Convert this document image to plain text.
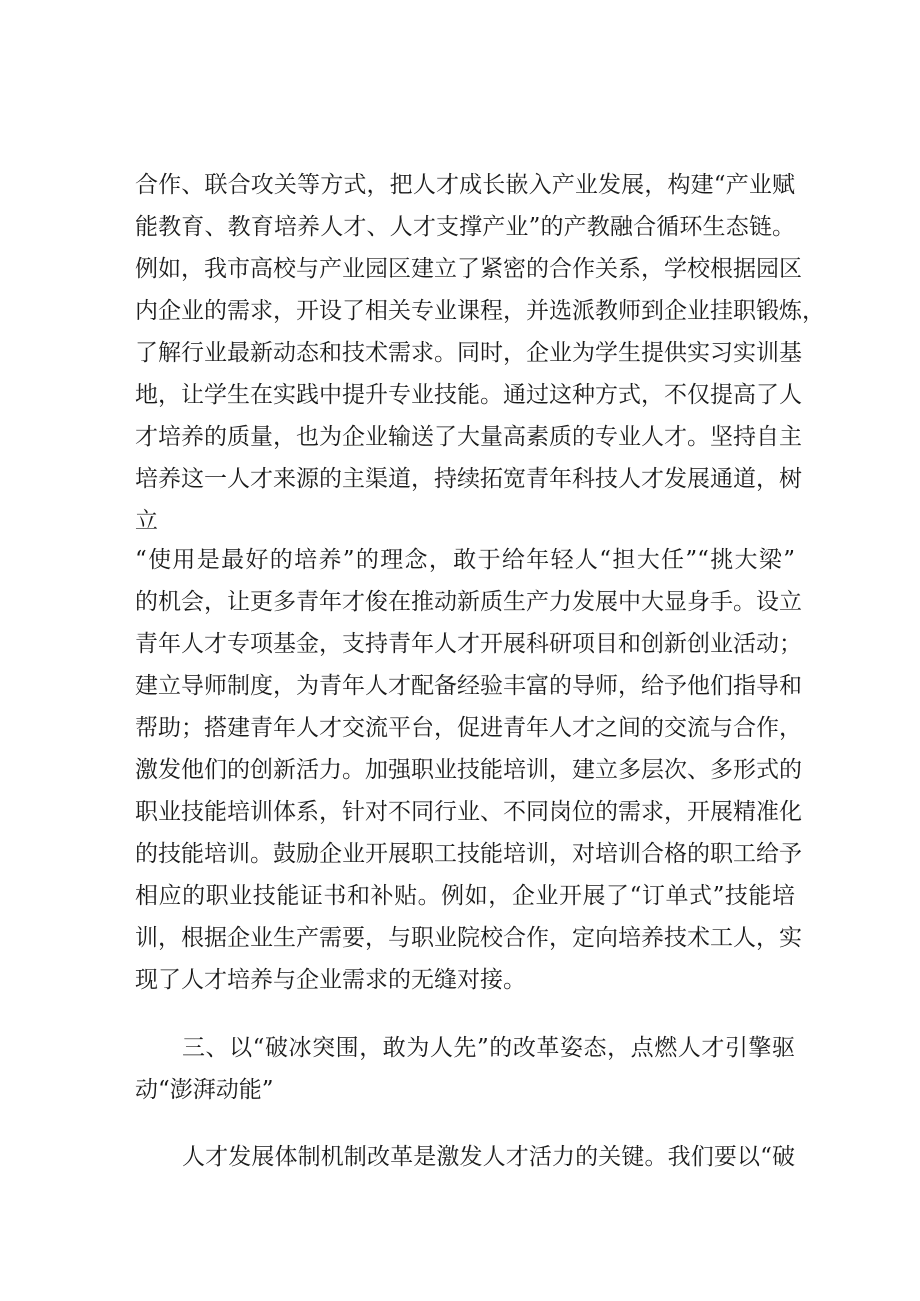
合作、联合攻关等方式，把人才成长嵌入产业发展，构建“产业赋
能教育、教育培养人才、人才支撑产业”的产教融合循环生态链。
例如，我市高校与产业园区建立了紧密的合作关系，学校根据园区
内企业的需求，开设了相关专业课程，并选派教师到企业挂职锻炼，
了解行业最新动态和技术需求。同时，企业为学生提供实习实训基
地，让学生在实践中提升专业技能。通过这种方式，不仅提高了人
才培养的质量，也为企业输送了大量高素质的专业人才。坚持自主
培养这一人才来源的主渠道，持续拓宽青年科技人才发展通道，树
立
“使用是最好的培养”的理念，敢于给年轻人“担大任”“挑大梁”
的机会，让更多青年才俊在推动新质生产力发展中大显身手。设立
青年人才专项基金，支持青年人才开展科研项目和创新创业活动；
建立导师制度，为青年人才配备经验丰富的导师，给予他们指导和
帮助；搭建青年人才交流平台，促进青年人才之间的交流与合作，
激发他们的创新活力。加强职业技能培训，建立多层次、多形式的
职业技能培训体系，针对不同行业、不同岗位的需求，开展精准化
的技能培训。鼓励企业开展职工技能培训，对培训合格的职工给予
相应的职业技能证书和补贴。例如，企业开展了“订单式”技能培
训，根据企业生产需要，与职业院校合作，定向培养技术工人，实
现了人才培养与企业需求的无缝对接。
三、以“破冰突围，敢为人先”的改革姿态，点燃人才引擎驱
动“澎湃动能”
人才发展体制机制改革是激发人才活力的关键。我们要以“破
